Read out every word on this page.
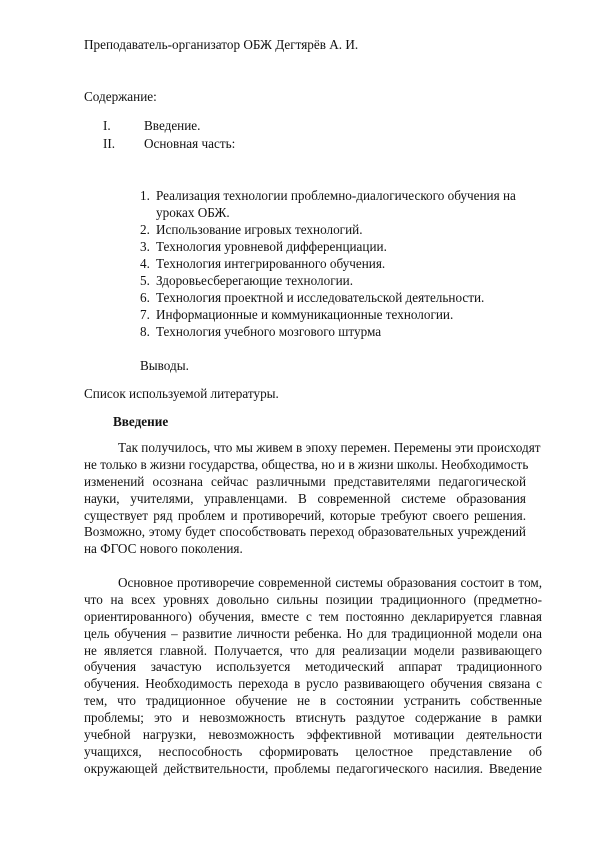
Преподаватель-организатор ОБЖ Дегтярёв А. И.
Содержание:
I.	Введение.
II. Основная часть:
1. Реализация технологии проблемно-диалогического обучения на
уроках ОБЖ.
2. Использование игровых технологий.
3. Технология уровневой дифференциации.
4. Технология интегрированного обучения.
5. Здоровьесберегающие технологии.
6. Технология проектной и исследовательской деятельности.
7. Информационные и коммуникационные технологии.
8. Технология учебного мозгового штурма
Выводы.
Список используемой литературы.
Введение
Так получилось, что мы живем в эпоху перемен. Перемены эти происходят
не только в жизни государства, общества, но и в жизни школы. Необходимость
изменений осознана сейчас различными представителями педагогической
науки, учителями, управленцами. В современной системе образования
существует ряд проблем и противоречий, которые требуют своего решения.
Возможно, этому будет способствовать переход образовательных учреждений
на ФГОС нового поколения.
Основное противоречие современной системы образования состоит в том,
что на всех уровнях довольно сильны позиции традиционного (предметно-
ориентированного) обучения, вместе с тем постоянно декларируется главная
цель обучения – развитие личности ребенка. Но для традиционной модели она
не является главной. Получается, что для реализации модели развивающего
обучения зачастую используется методический аппарат традиционного
обучения. Необходимость перехода в русло развивающего обучения связана с
тем, что традиционное обучение не в состоянии устранить собственные
проблемы; это и невозможность втиснуть раздутое содержание в рамки
учебной нагрузки, невозможность эффективной мотивации деятельности
учащихся, неспособность сформировать целостное представление об
окружающей действительности, проблемы педагогического насилия. Введение
